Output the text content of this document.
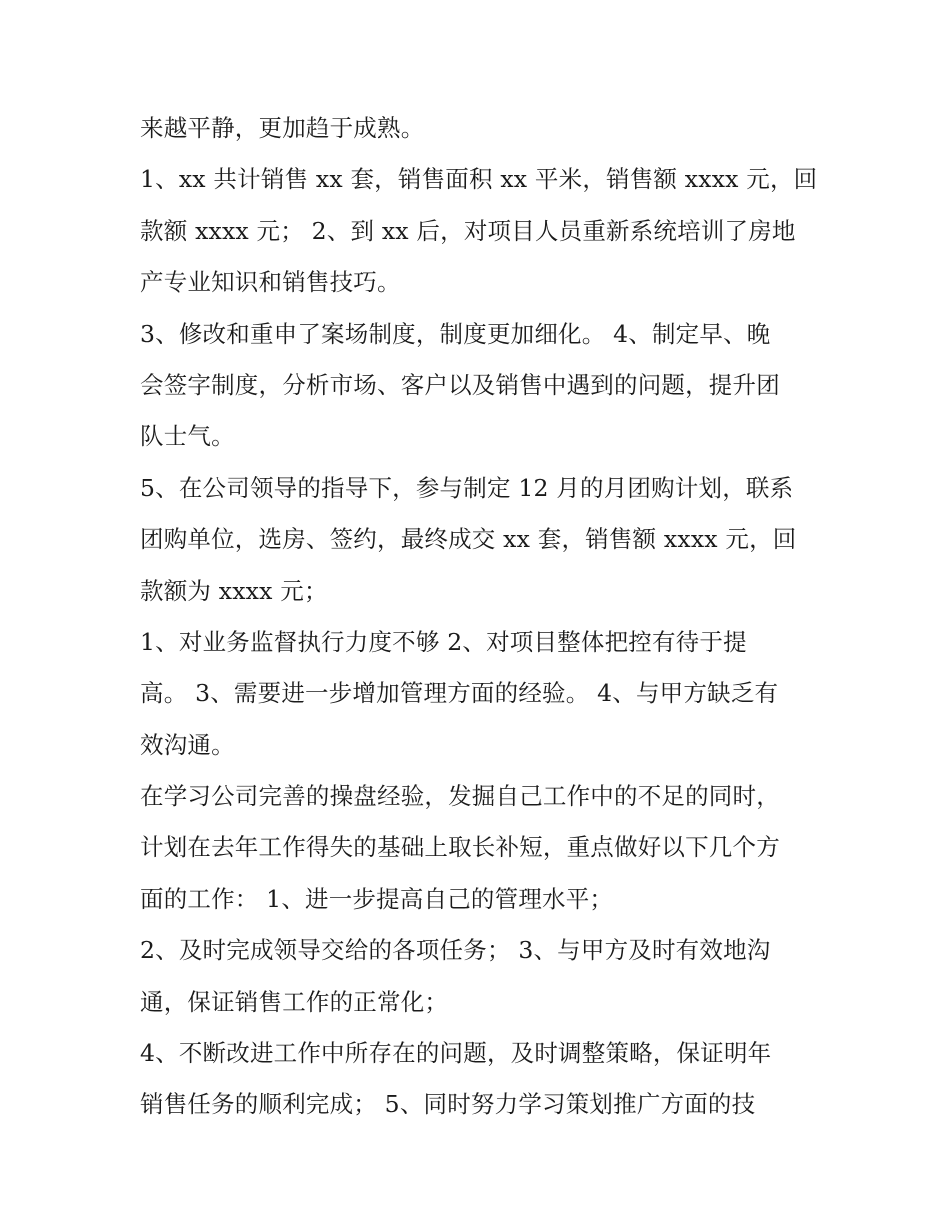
来越平静，更加趋于成熟。
1、xx 共计销售 xx 套，销售面积 xx 平米，销售额 xxxx 元，回
款额 xxxx 元； 2、到 xx 后，对项目人员重新系统培训了房地
产专业知识和销售技巧。
3、修改和重申了案场制度，制度更加细化。 4、制定早、晚
会签字制度，分析市场、客户以及销售中遇到的问题，提升团
队士气。
5、在公司领导的指导下，参与制定 12 月的月团购计划，联系
团购单位，选房、签约，最终成交 xx 套，销售额 xxxx 元，回
款额为 xxxx 元；
1、对业务监督执行力度不够 2、对项目整体把控有待于提
高。 3、需要进一步增加管理方面的经验。 4、与甲方缺乏有
效沟通。
在学习公司完善的操盘经验，发掘自己工作中的不足的同时，
计划在去年工作得失的基础上取长补短，重点做好以下几个方
面的工作： 1、进一步提高自己的管理水平；
2、及时完成领导交给的各项任务； 3、与甲方及时有效地沟
通，保证销售工作的正常化；
4、不断改进工作中所存在的问题，及时调整策略，保证明年
销售任务的顺利完成； 5、同时努力学习策划推广方面的技
